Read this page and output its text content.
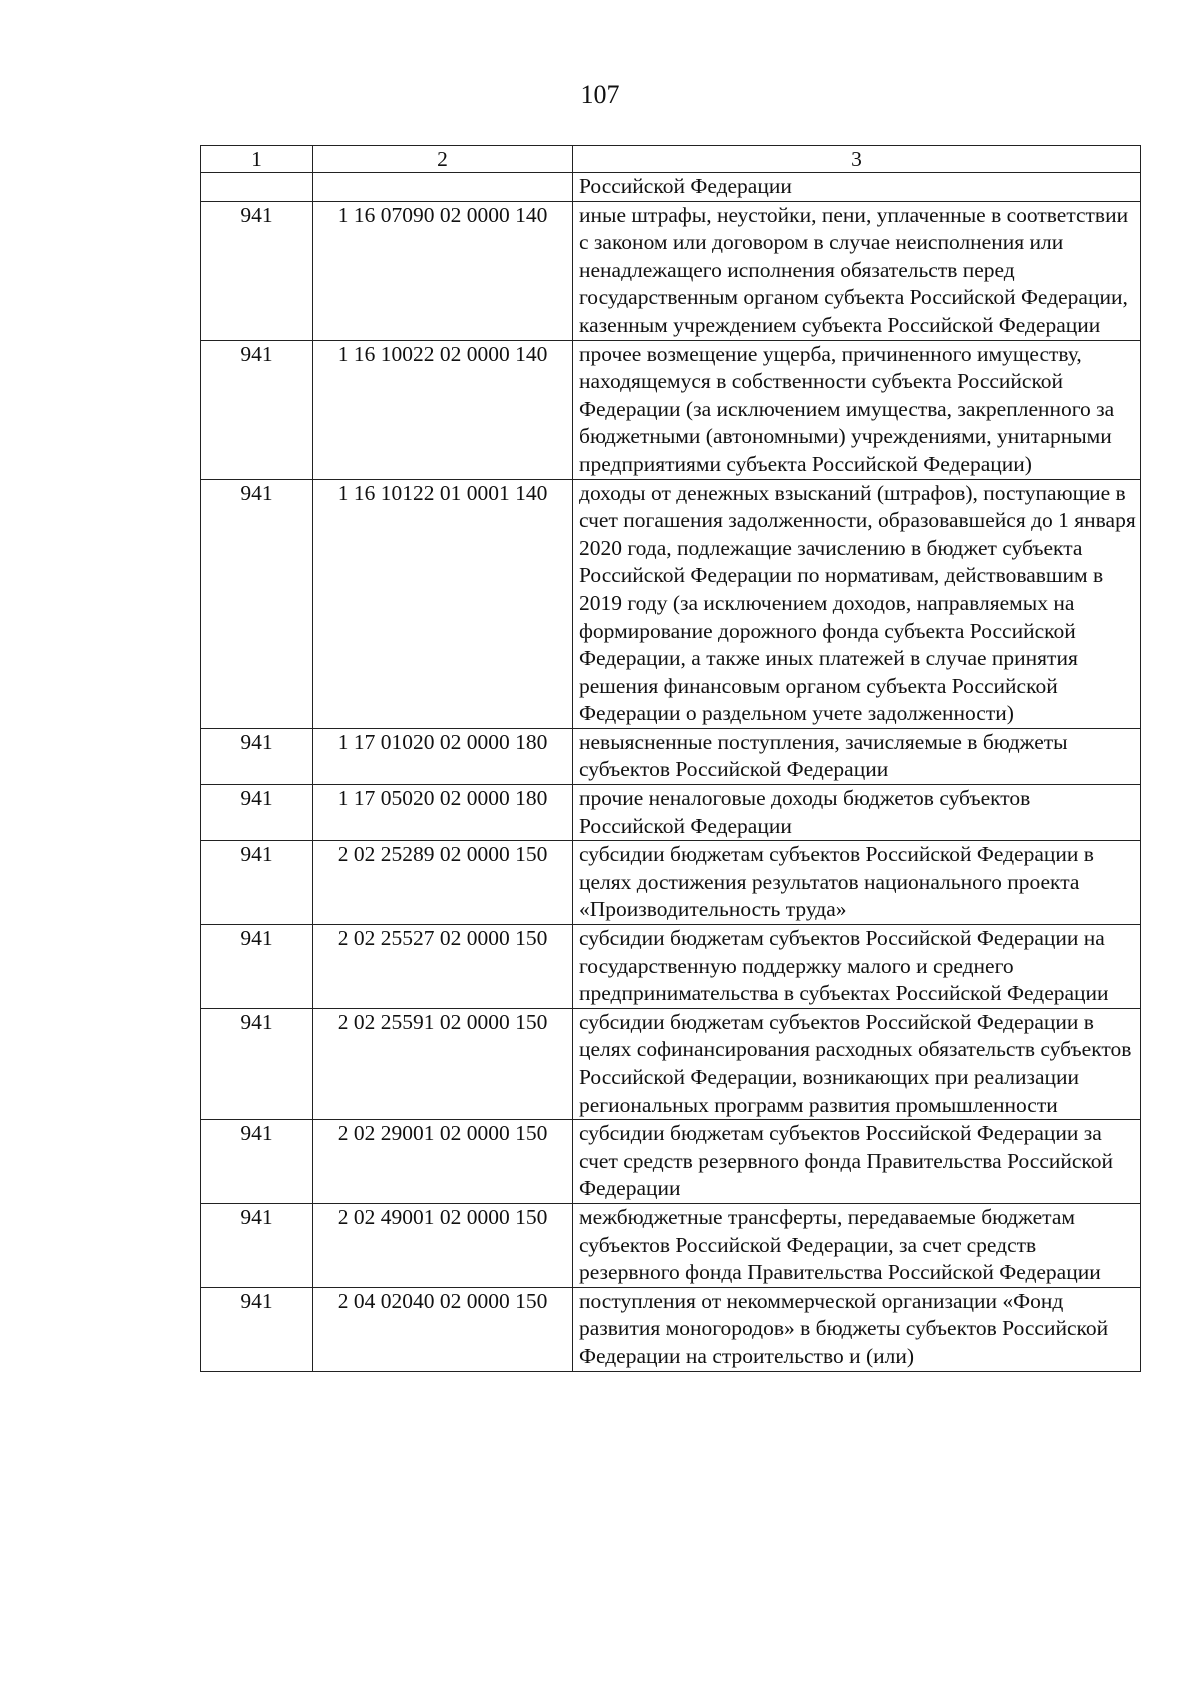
107
1	2	3
		Российской Федерации
941	1 16 07090 02 0000 140	иные штрафы, неустойки, пени, уплаченные в соответствии с законом или договором в случае неисполнения или ненадлежащего исполнения обязательств перед государственным органом субъекта Российской Федерации, казенным учреждением субъекта Российской Федерации
941	1 16 10022 02 0000 140	прочее возмещение ущерба, причиненного имуществу, находящемуся в собственности субъекта Российской Федерации (за исключением имущества, закрепленного за бюджетными (автономными) учреждениями, унитарными предприятиями субъекта Российской Федерации)
941	1 16 10122 01 0001 140	доходы от денежных взысканий (штрафов), поступающие в счет погашения задолженности, образовавшейся до 1 января 2020 года, подлежащие зачислению в бюджет субъекта Российской Федерации по нормативам, действовавшим в 2019 году (за исключением доходов, направляемых на формирование дорожного фонда субъекта Российской Федерации, а также иных платежей в случае принятия решения финансовым органом субъекта Российской Федерации о раздельном учете задолженности)
941	1 17 01020 02 0000 180	невыясненные поступления, зачисляемые в бюджеты субъектов Российской Федерации
941	1 17 05020 02 0000 180	прочие неналоговые доходы бюджетов субъектов Российской Федерации
941	2 02 25289 02 0000 150	субсидии бюджетам субъектов Российской Федерации в целях достижения результатов национального проекта «Производительность труда»
941	2 02 25527 02 0000 150	субсидии бюджетам субъектов Российской Федерации на государственную поддержку малого и среднего предпринимательства в субъектах Российской Федерации
941	2 02 25591 02 0000 150	субсидии бюджетам субъектов Российской Федерации в целях софинансирования расходных обязательств субъектов Российской Федерации, возникающих при реализации региональных программ развития промышленности
941	2 02 29001 02 0000 150	субсидии бюджетам субъектов Российской Федерации за счет средств резервного фонда Правительства Российской Федерации
941	2 02 49001 02 0000 150	межбюджетные трансферты, передаваемые бюджетам субъектов Российской Федерации, за счет средств резервного фонда Правительства Российской Федерации
941	2 04 02040 02 0000 150	поступления от некоммерческой организации «Фонд развития моногородов» в бюджеты субъектов Российской Федерации на строительство и (или)
